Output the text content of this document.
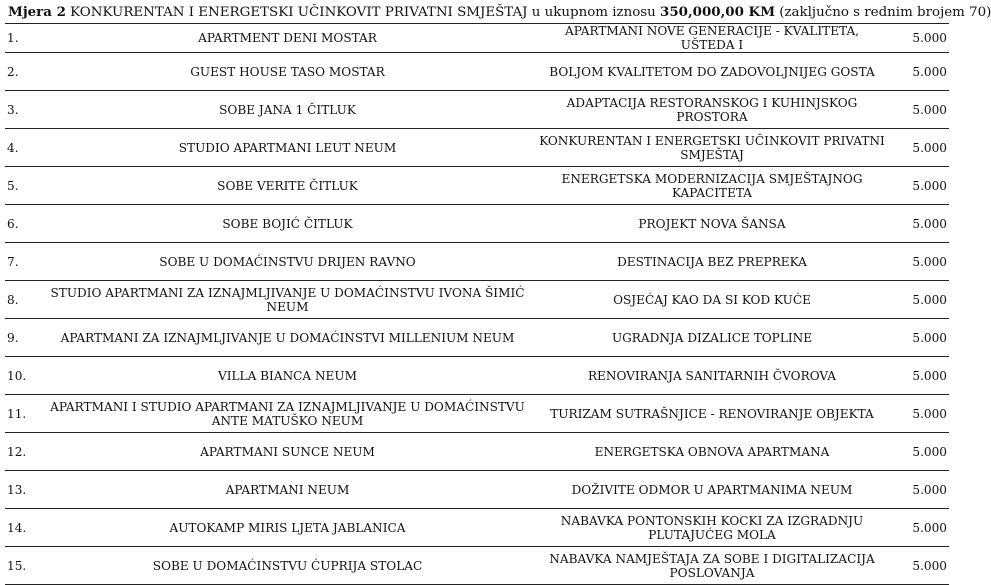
Mjera 2 KONKURENTAN I ENERGETSKI UČINKOVIT PRIVATNI SMJEŠTAJ u ukupnom iznosu 350,000,00 KM (zaključno s rednim brojem 70)
1.	APARTMENT DENI MOSTAR	APARTMANI NOVE GENERACIJE - KVALITETA, UŠTEDA I	5.000
2.	GUEST HOUSE TASO MOSTAR	BOLJOM KVALITETOM DO ZADOVOLJNIJEG GOSTA	5.000
3.	SOBE JANA 1 ČITLUK	ADAPTACIJA RESTORANSKOG I KUHINJSKOG PROSTORA	5.000
4.	STUDIO APARTMANI LEUT NEUM	KONKURENTAN I ENERGETSKI UČINKOVIT PRIVATNI SMJEŠTAJ	5.000
5.	SOBE VERITE ČITLUK	ENERGETSKA MODERNIZACIJA SMJEŠTAJNOG KAPACITETA	5.000
6.	SOBE BOJIĆ ČITLUK	PROJEKT NOVA ŠANSA	5.000
7.	SOBE U DOMAĆINSTVU DRIJEN RAVNO	DESTINACIJA BEZ PREPREKA	5.000
8.	STUDIO APARTMANI ZA IZNAJMLJIVANJE U DOMAĆINSTVU IVONA ŠIMIĆ NEUM	OSJEĆAJ KAO DA SI KOD KUĆE	5.000
9.	APARTMANI ZA IZNAJMLJIVANJE U DOMAĆINSTVI MILLENIUM NEUM	UGRADNJA DIZALICE TOPLINE	5.000
10.	VILLA BIANCA NEUM	RENOVIRANJA SANITARNIH ČVOROVA	5.000
11.	APARTMANI I STUDIO APARTMANI ZA IZNAJMLJIVANJE U DOMAĆINSTVU ANTE MATUŠKO NEUM	TURIZAM SUTRAŠNJICE - RENOVIRANJE OBJEKTA	5.000
12.	APARTMANI SUNCE NEUM	ENERGETSKA OBNOVA APARTMANA	5.000
13.	APARTMANI NEUM	DOŽIVITE ODMOR U APARTMANIMA NEUM	5.000
14.	AUTOKAMP MIRIS LJETA JABLANICA	NABAVKA PONTONSKIH KOCKI ZA IZGRADNJU PLUTAJUĆEG MOLA	5.000
15.	SOBE U DOMAĆINSTVU ĆUPRIJA STOLAC	NABAVKA NAMJEŠTAJA ZA SOBE I DIGITALIZACIJA POSLOVANJA	5.000
